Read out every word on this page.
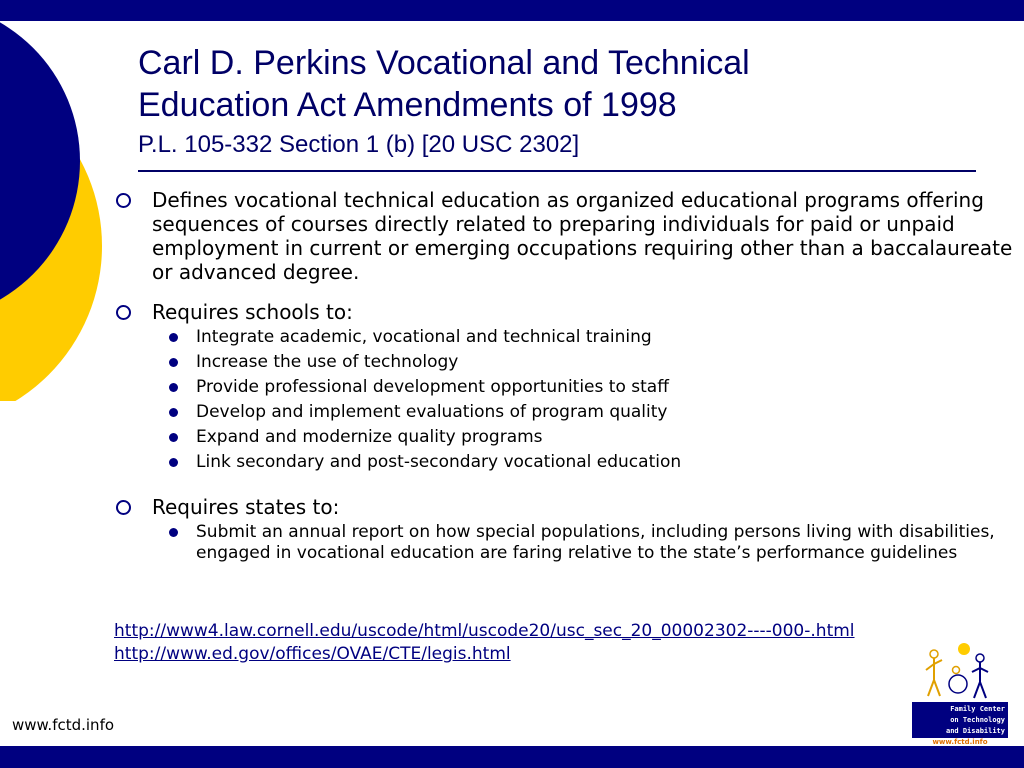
Carl D. Perkins Vocational and Technical
Education Act Amendments of 1998
P.L. 105-332 Section 1 (b) [20 USC 2302]
Defines vocational technical education as organized educational programs offering sequences of courses directly related to preparing individuals for paid or unpaid employment in current or emerging occupations requiring other than a baccalaureate or advanced degree.
Requires schools to:
Integrate academic, vocational and technical training
Increase the use of technology
Provide professional development opportunities to staff
Develop and implement evaluations of program quality
Expand and modernize quality programs
Link secondary and post-secondary vocational education
Requires states to:
Submit an annual report on how special populations, including persons living with disabilities, engaged in vocational education are faring relative to the state’s performance guidelines
http://www4.law.cornell.edu/uscode/html/uscode20/usc_sec_20_00002302----000-.html
http://www.ed.gov/offices/OVAE/CTE/legis.html
www.fctd.info
Family Center
on Technology
and Disability
www.fctd.info
